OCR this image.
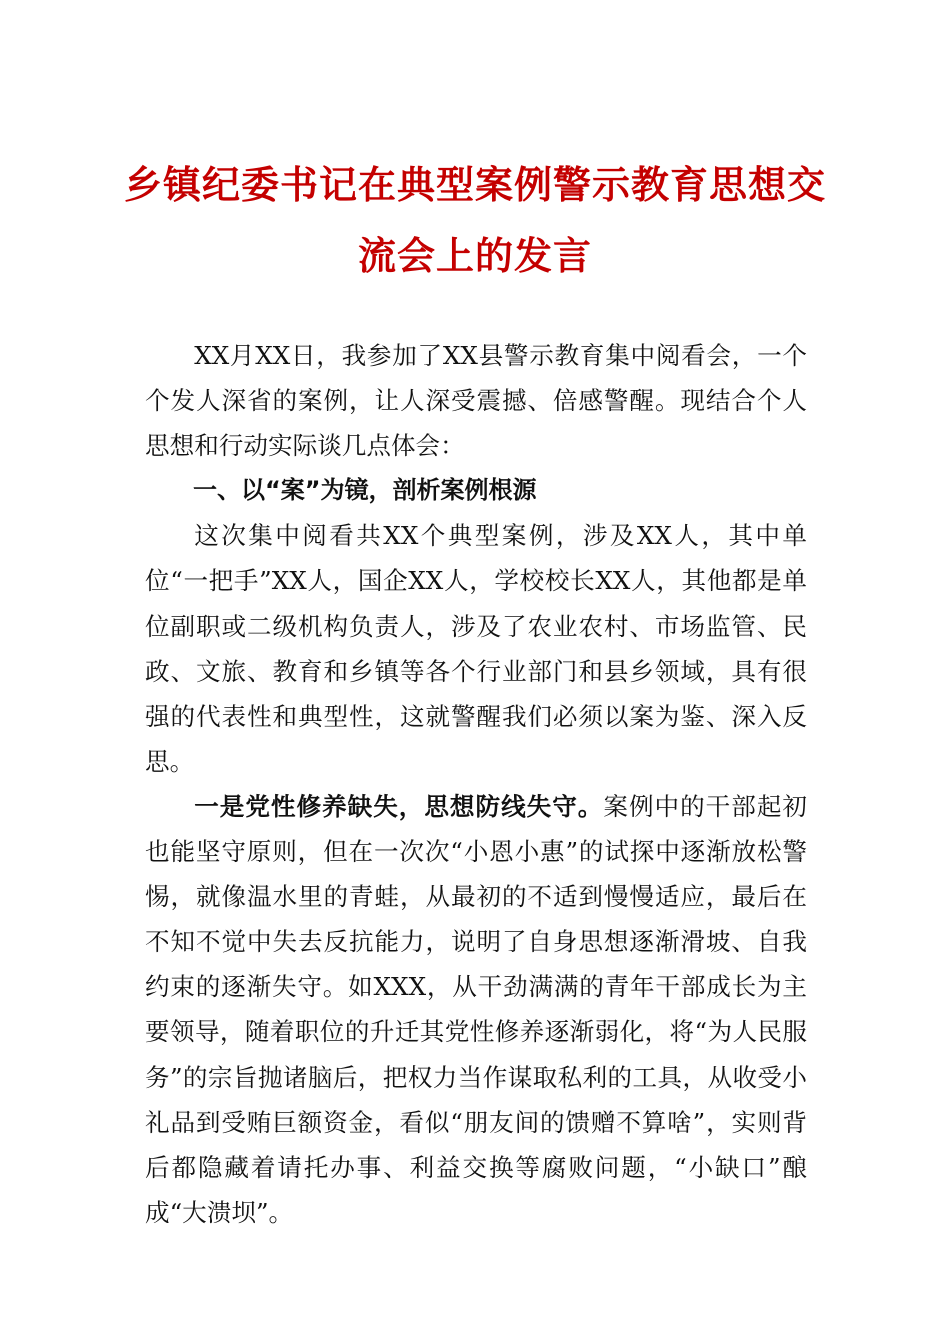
乡镇纪委书记在典型案例警示教育思想交
流会上的发言

XX月XX日，我参加了XX县警示教育集中阅看会，一个个发人深省的案例，让人深受震撼、倍感警醒。现结合个人思想和行动实际谈几点体会：

一、以“案”为镜，剖析案例根源

这次集中阅看共XX个典型案例，涉及XX人，其中单位“一把手”XX人，国企XX人，学校校长XX人，其他都是单位副职或二级机构负责人，涉及了农业农村、市场监管、民政、文旅、教育和乡镇等各个行业部门和县乡领域，具有很强的代表性和典型性，这就警醒我们必须以案为鉴、深入反思。

一是党性修养缺失，思想防线失守。案例中的干部起初也能坚守原则，但在一次次“小恩小惠”的试探中逐渐放松警惕，就像温水里的青蛙，从最初的不适到慢慢适应，最后在不知不觉中失去反抗能力，说明了自身思想逐渐滑坡、自我约束的逐渐失守。如XXX，从干劲满满的青年干部成长为主要领导，随着职位的升迁其党性修养逐渐弱化，将“为人民服务”的宗旨抛诸脑后，把权力当作谋取私利的工具，从收受小礼品到受贿巨额资金，看似“朋友间的馈赠不算啥”，实则背后都隐藏着请托办事、利益交换等腐败问题，“小缺口”酿成“大溃坝”。
